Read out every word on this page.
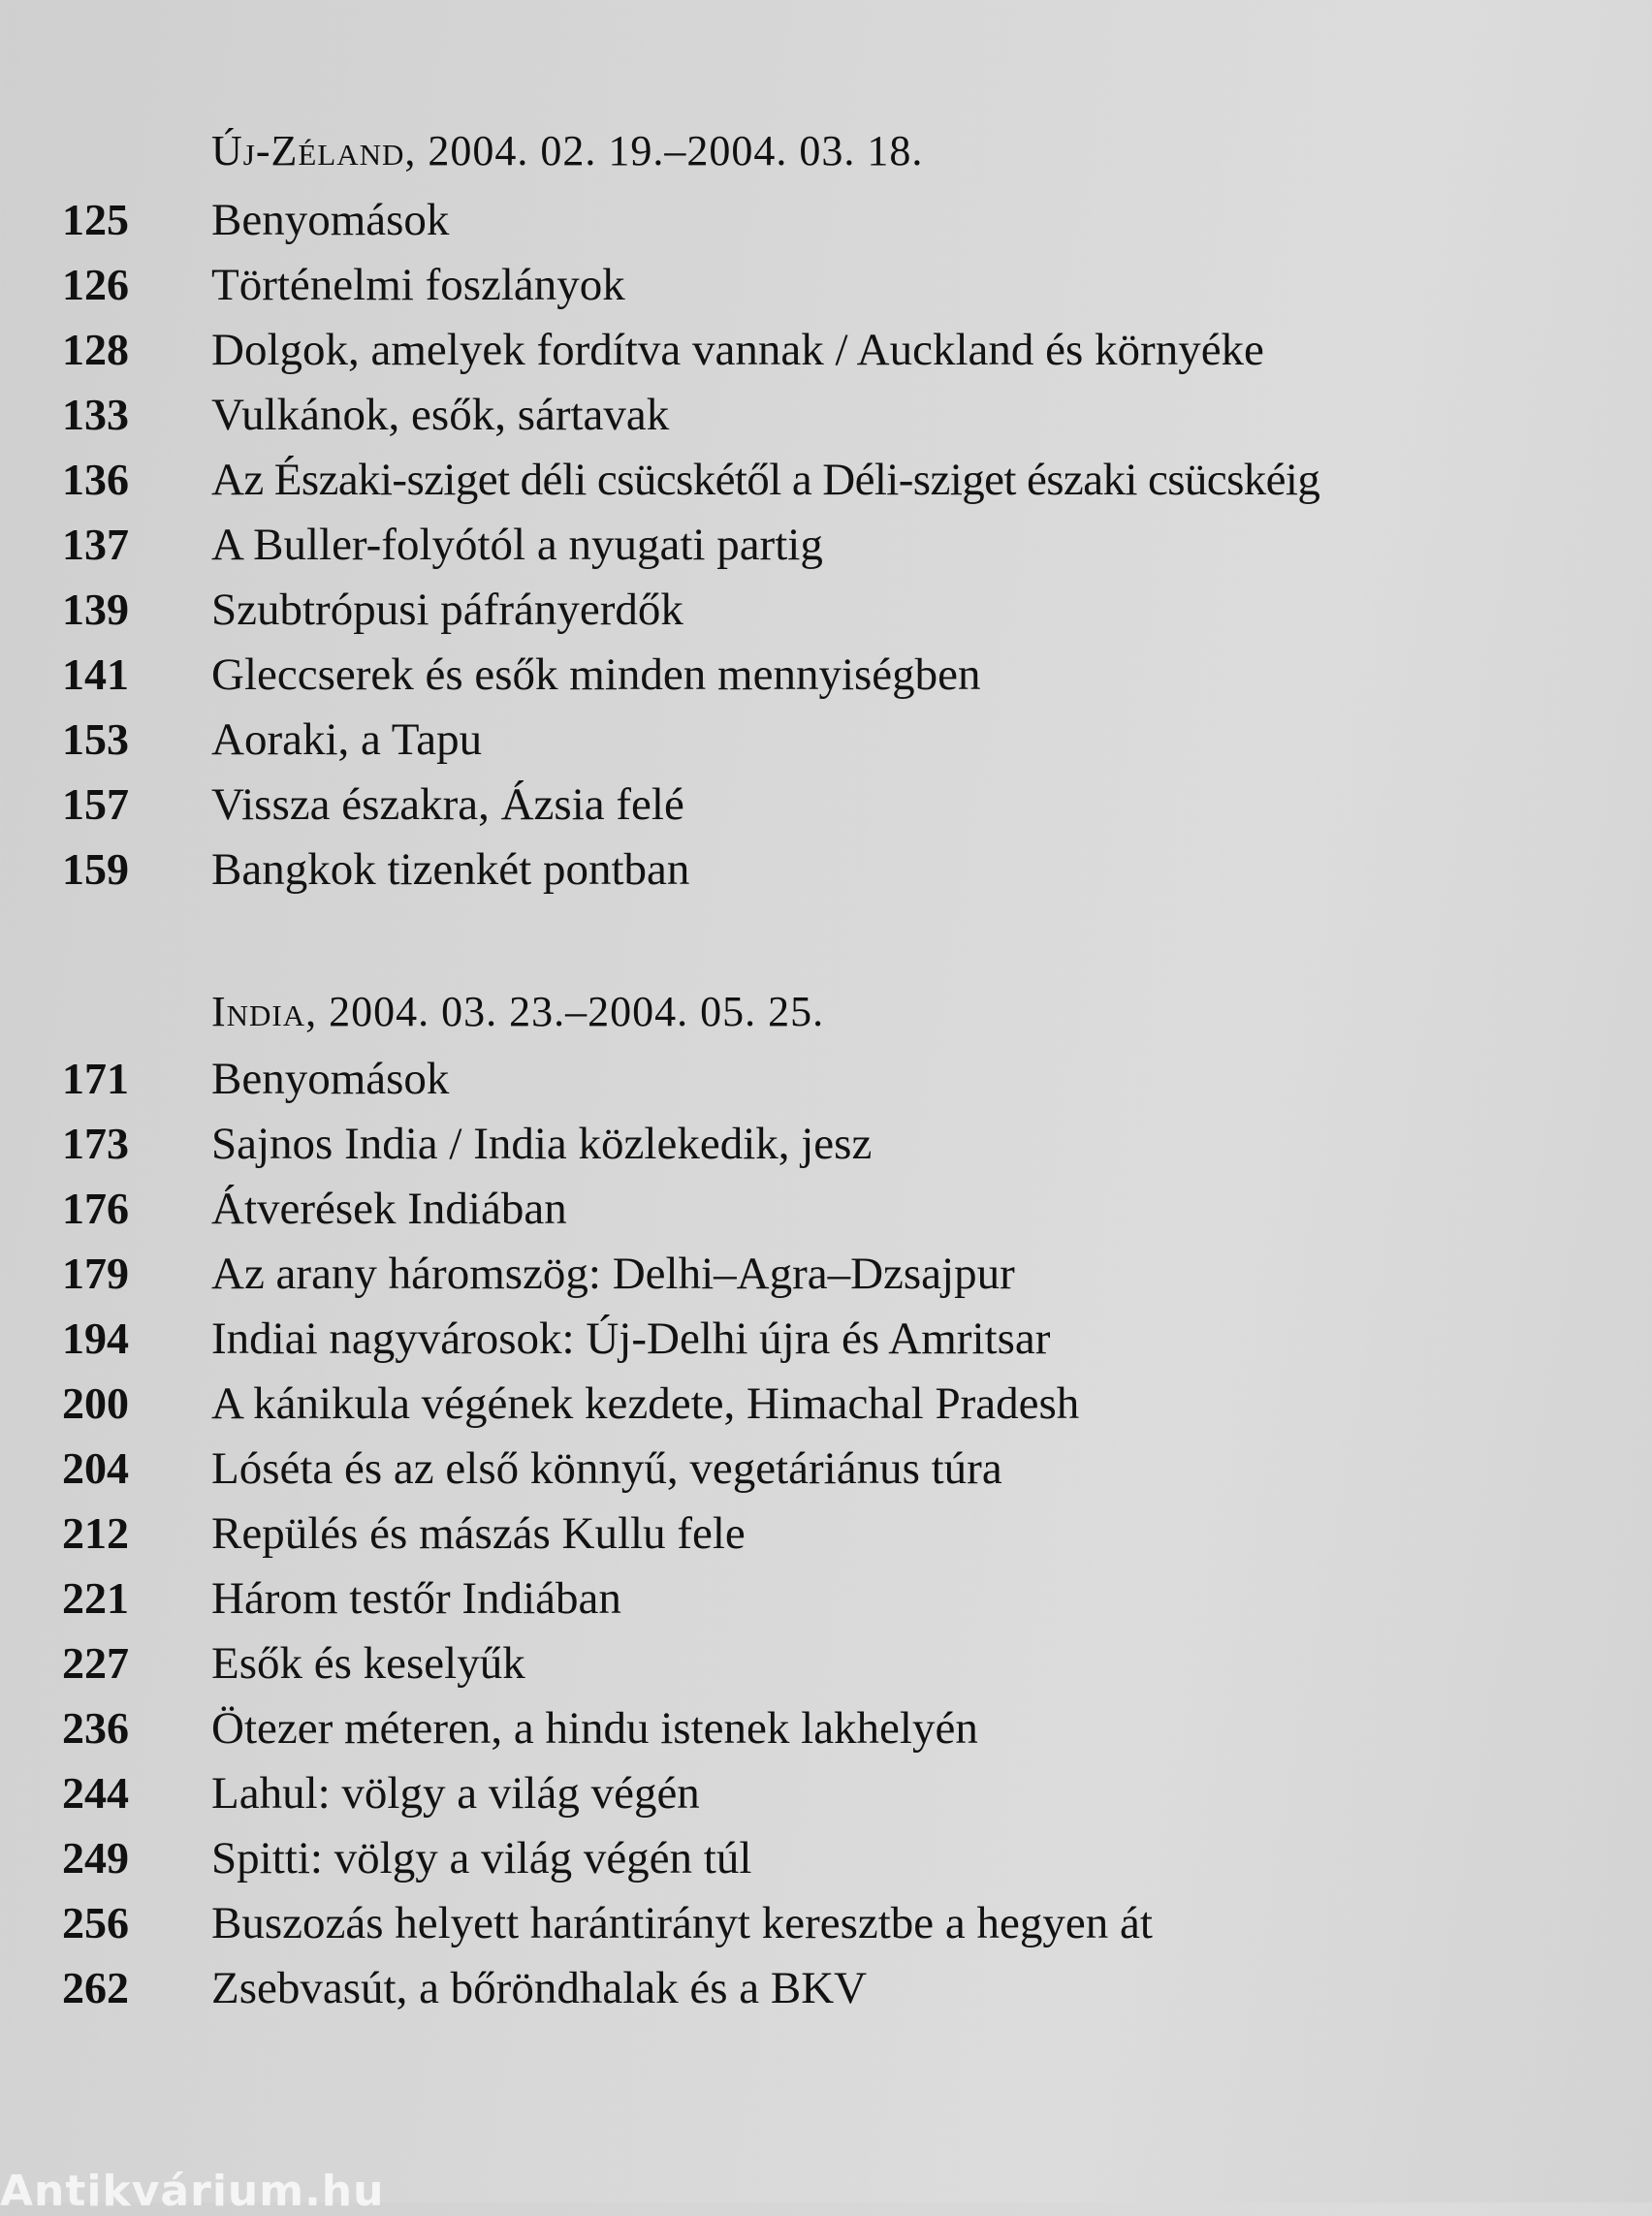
Új-Zéland, 2004. 02. 19.–2004. 03. 18.
125	Benyomások
126	Történelmi foszlányok
128	Dolgok, amelyek fordítva vannak / Auckland és környéke
133	Vulkánok, esők, sártavak
136	Az Északi-sziget déli csücskétől a Déli-sziget északi csücskéig
137	A Buller-folyótól a nyugati partig
139	Szubtrópusi páfrányerdők
141	Gleccserek és esők minden mennyiségben
153	Aoraki, a Tapu
157	Vissza északra, Ázsia felé
159	Bangkok tizenkét pontban
India, 2004. 03. 23.–2004. 05. 25.
171	Benyomások
173	Sajnos India / India közlekedik, jesz
176	Átverések Indiában
179	Az arany háromszög: Delhi–Agra–Dzsajpur
194	Indiai nagyvárosok: Új-Delhi újra és Amritsar
200	A kánikula végének kezdete, Himachal Pradesh
204	Lóséta és az első könnyű, vegetáriánus túra
212	Repülés és mászás Kullu fele
221	Három testőr Indiában
227	Esők és keselyűk
236	Ötezer méteren, a hindu istenek lakhelyén
244	Lahul: völgy a világ végén
249	Spitti: völgy a világ végén túl
256	Buszozás helyett harántirányt keresztbe a hegyen át
262	Zsebvasút, a bőröndhalak és a BKV
Antikvárium.hu
